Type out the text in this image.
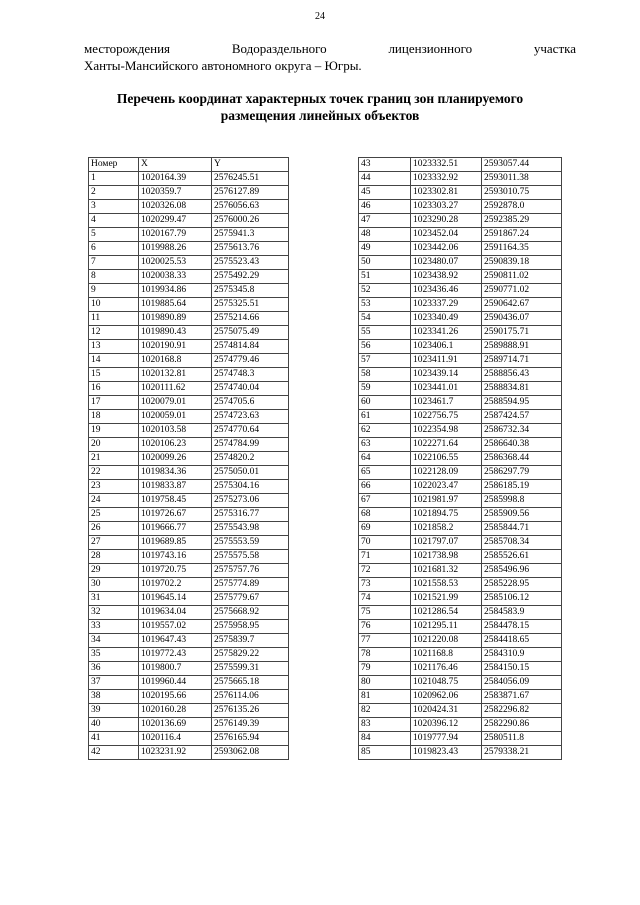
24
месторождения	Водораздельного	лицензионного	участка
Ханты-Мансийского автономного округа – Югры.
Перечень координат характерных точек границ зон планируемого
размещения линейных объектов
Номер	X	Y
1	1020164.39	2576245.51
2	1020359.7	2576127.89
3	1020326.08	2576056.63
4	1020299.47	2576000.26
5	1020167.79	2575941.3
6	1019988.26	2575613.76
7	1020025.53	2575523.43
8	1020038.33	2575492.29
9	1019934.86	2575345.8
10	1019885.64	2575325.51
11	1019890.89	2575214.66
12	1019890.43	2575075.49
13	1020190.91	2574814.84
14	1020168.8	2574779.46
15	1020132.81	2574748.3
16	1020111.62	2574740.04
17	1020079.01	2574705.6
18	1020059.01	2574723.63
19	1020103.58	2574770.64
20	1020106.23	2574784.99
21	1020099.26	2574820.2
22	1019834.36	2575050.01
23	1019833.87	2575304.16
24	1019758.45	2575273.06
25	1019726.67	2575316.77
26	1019666.77	2575543.98
27	1019689.85	2575553.59
28	1019743.16	2575575.58
29	1019720.75	2575757.76
30	1019702.2	2575774.89
31	1019645.14	2575779.67
32	1019634.04	2575668.92
33	1019557.02	2575958.95
34	1019647.43	2575839.7
35	1019772.43	2575829.22
36	1019800.7	2575599.31
37	1019960.44	2575665.18
38	1020195.66	2576114.06
39	1020160.28	2576135.26
40	1020136.69	2576149.39
41	1020116.4	2576165.94
42	1023231.92	2593062.08
43	1023332.51	2593057.44
44	1023332.92	2593011.38
45	1023302.81	2593010.75
46	1023303.27	2592878.0
47	1023290.28	2592385.29
48	1023452.04	2591867.24
49	1023442.06	2591164.35
50	1023480.07	2590839.18
51	1023438.92	2590811.02
52	1023436.46	2590771.02
53	1023337.29	2590642.67
54	1023340.49	2590436.07
55	1023341.26	2590175.71
56	1023406.1	2589888.91
57	1023411.91	2589714.71
58	1023439.14	2588856.43
59	1023441.01	2588834.81
60	1023461.7	2588594.95
61	1022756.75	2587424.57
62	1022354.98	2586732.34
63	1022271.64	2586640.38
64	1022106.55	2586368.44
65	1022128.09	2586297.79
66	1022023.47	2586185.19
67	1021981.97	2585998.8
68	1021894.75	2585909.56
69	1021858.2	2585844.71
70	1021797.07	2585708.34
71	1021738.98	2585526.61
72	1021681.32	2585496.96
73	1021558.53	2585228.95
74	1021521.99	2585106.12
75	1021286.54	2584583.9
76	1021295.11	2584478.15
77	1021220.08	2584418.65
78	1021168.8	2584310.9
79	1021176.46	2584150.15
80	1021048.75	2584056.09
81	1020962.06	2583871.67
82	1020424.31	2582296.82
83	1020396.12	2582290.86
84	1019777.94	2580511.8
85	1019823.43	2579338.21
